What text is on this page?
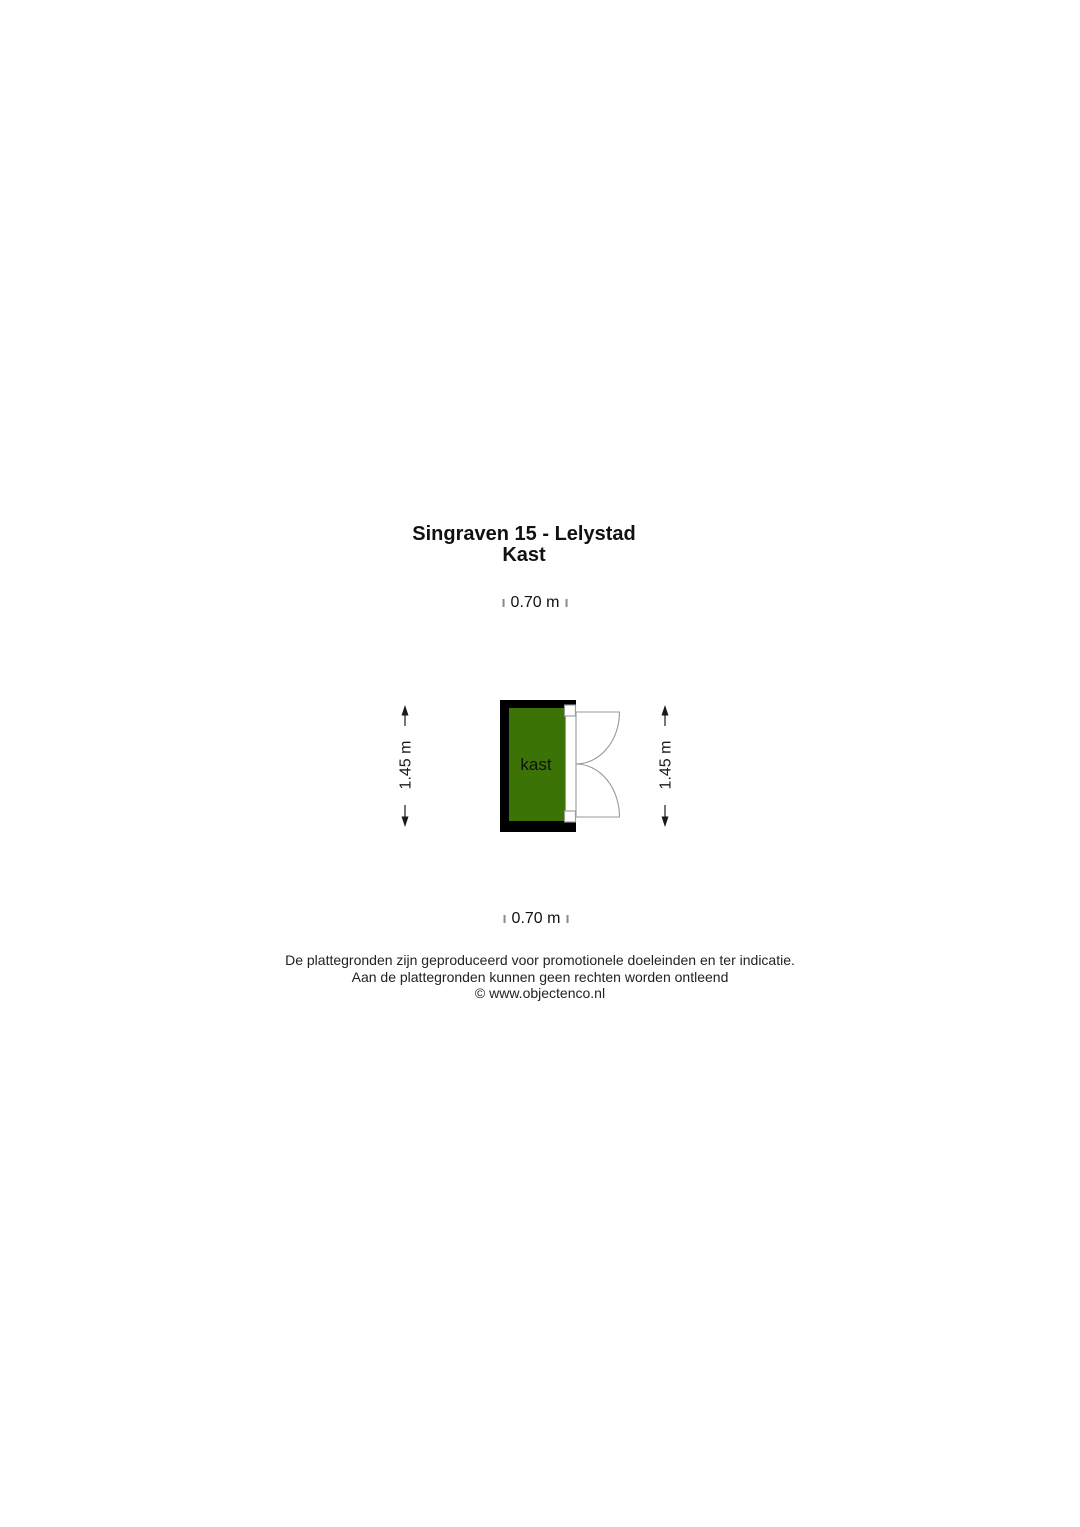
Singraven 15 - Lelystad
Kast
0.70 m
1.45 m	1.45 m
kast
0.70 m
De plattegronden zijn geproduceerd voor promotionele doeleinden en ter indicatie.
Aan de plattegronden kunnen geen rechten worden ontleend
© www.objectenco.nl
